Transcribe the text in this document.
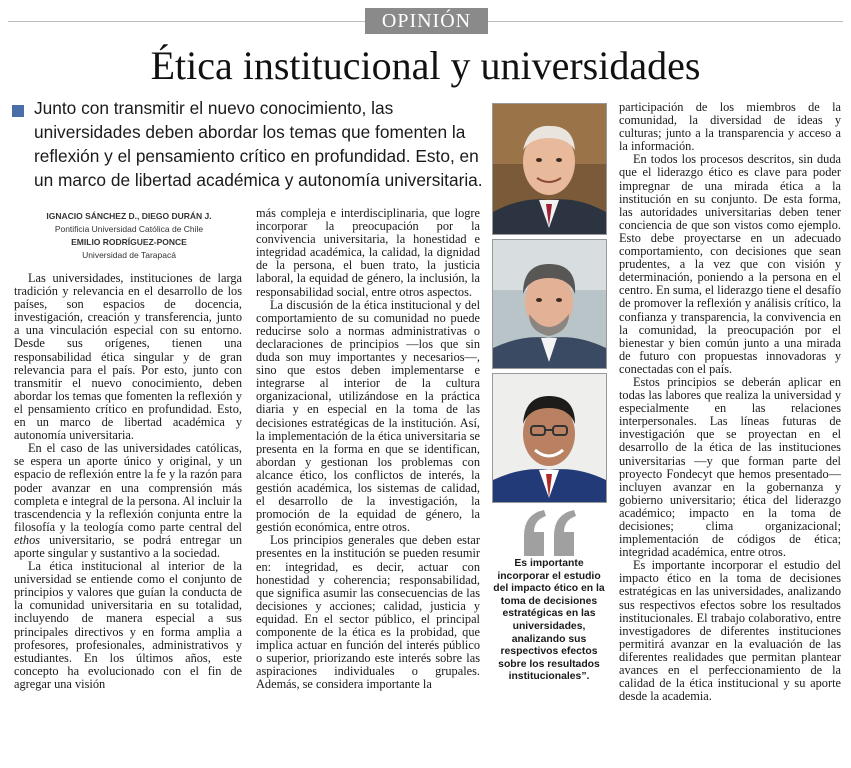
OPINIÓN
Ética institucional y universidades
Junto con transmitir el nuevo conocimiento, las universidades deben abordar los temas que fomenten la reflexión y el pensamiento crítico en profundidad. Esto, en un marco de libertad académica y autonomía universitaria.
IGNACIO SÁNCHEZ D., DIEGO DURÁN J.
Pontificia Universidad Católica de Chile
EMILIO RODRÍGUEZ-PONCE
Universidad de Tarapacá

Las universidades, instituciones de larga tradición y relevancia en el desarrollo de los países, son espacios de docencia, investigación, creación y transferencia, junto a una vinculación especial con su entorno. Desde sus orígenes, tienen una responsabilidad ética singular y de gran relevancia para el país. Por esto, junto con transmitir el nuevo conocimiento, deben abordar los temas que fomenten la reflexión y el pensamiento crítico en profundidad. Esto, en un marco de libertad académica y autonomía universitaria.

En el caso de las universidades católicas, se espera un aporte único y original, y un espacio de reflexión entre la fe y la razón para poder avanzar en una comprensión más completa e integral de la persona. Al incluir la trascendencia y la reflexión conjunta entre la filosofía y la teología como parte central del ethos universitario, se podrá entregar un aporte singular y sustantivo a la sociedad.

La ética institucional al interior de la universidad se entiende como el conjunto de principios y valores que guían la conducta de la comunidad universitaria en su totalidad, incluyendo de manera especial a sus principales directivos y en forma amplia a profesores, profesionales, administrativos y estudiantes. En los últimos años, este concepto ha evolucionado con el fin de agregar una visión

más compleja e interdisciplinaria, que logre incorporar la preocupación por la convivencia universitaria, la honestidad e integridad académica, la calidad, la dignidad de la persona, el buen trato, la justicia laboral, la equidad de género, la inclusión, la responsabilidad social, entre otros aspectos.

La discusión de la ética institucional y del comportamiento de su comunidad no puede reducirse solo a normas administrativas o declaraciones de principios —los que sin duda son muy importantes y necesarios—, sino que estos deben implementarse e integrarse al interior de la cultura organizacional, utilizándose en la práctica diaria y en especial en la toma de las decisiones estratégicas de la institución. Así, la implementación de la ética universitaria se presenta en la forma en que se identifican, abordan y gestionan los problemas con alcance ético, los conflictos de interés, la gestión académica, los sistemas de calidad, el desarrollo de la investigación, la promoción de la equidad de género, la gestión económica, entre otros.

Los principios generales que deben estar presentes en la institución se pueden resumir en: integridad, es decir, actuar con honestidad y coherencia; responsabilidad, que significa asumir las consecuencias de las decisiones y acciones; calidad, justicia y equidad. En el sector público, el principal componente de la ética es la probidad, que implica actuar en función del interés público o superior, priorizando este interés sobre las aspiraciones individuales o grupales. Además, se considera importante la

Es importante incorporar el estudio del impacto ético en la toma de decisiones estratégicas en las universidades, analizando sus respectivos efectos sobre los resultados institucionales”.

participación de los miembros de la comunidad, la diversidad de ideas y culturas; junto a la transparencia y acceso a la información.

En todos los procesos descritos, sin duda que el liderazgo ético es clave para poder impregnar de una mirada ética a la institución en su conjunto. De esta forma, las autoridades universitarias deben tener conciencia de que son vistos como ejemplo. Esto debe proyectarse en un adecuado comportamiento, con decisiones que sean prudentes, a la vez que con visión y determinación, poniendo a la persona en el centro. En suma, el liderazgo tiene el desafío de promover la reflexión y análisis crítico, la confianza y transparencia, la convivencia en la comunidad, la preocupación por el bienestar y bien común junto a una mirada de futuro con propuestas innovadoras y conectadas con el país.

Estos principios se deberán aplicar en todas las labores que realiza la universidad y especialmente en las relaciones interpersonales. Las líneas futuras de investigación que se proyectan en el desarrollo de la ética de las instituciones universitarias —y que forman parte del proyecto Fondecyt que hemos presentado— incluyen avanzar en la gobernanza y gobierno universitario; ética del liderazgo académico; impacto en la toma de decisiones; clima organizacional; implementación de códigos de ética; integridad académica, entre otros.

Es importante incorporar el estudio del impacto ético en la toma de decisiones estratégicas en las universidades, analizando sus respectivos efectos sobre los resultados institucionales. El trabajo colaborativo, entre investigadores de diferentes instituciones permitirá avanzar en la evaluación de las diferentes realidades que permitan plantear avances en el perfeccionamiento de la calidad de la ética institucional y su aporte desde la academia.
